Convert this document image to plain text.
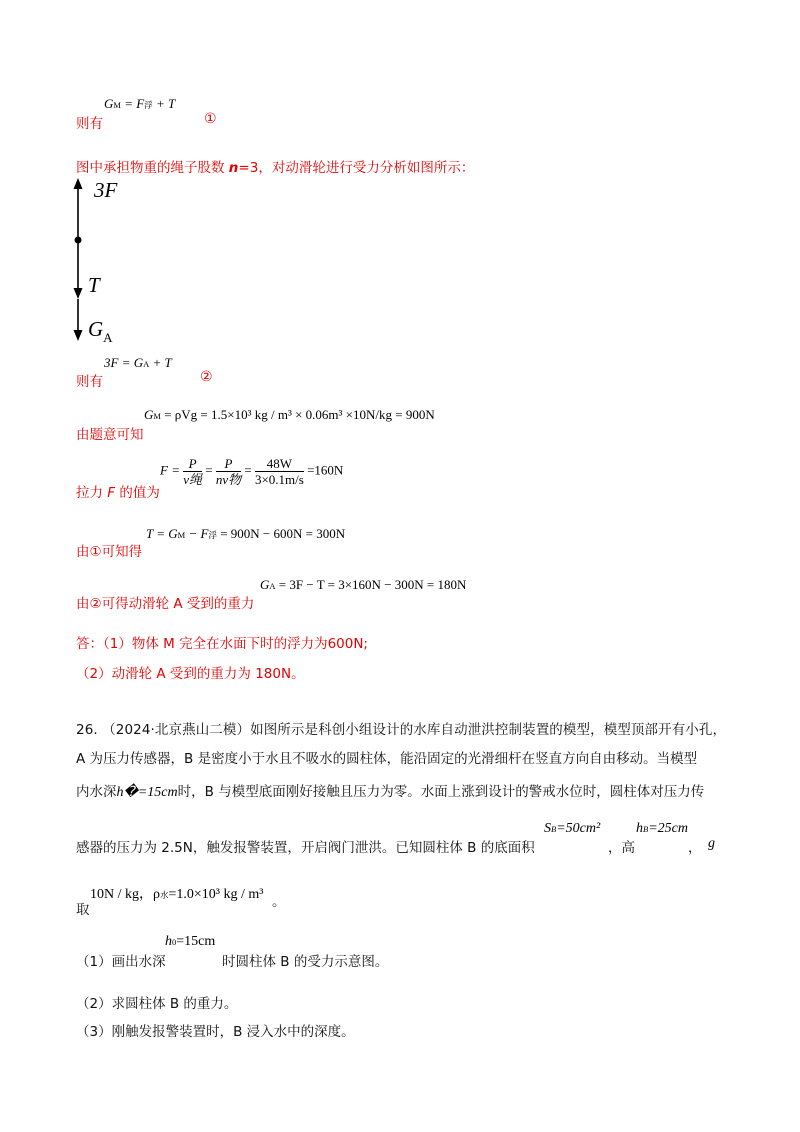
则有
GM = F浮 + T
①
图中承担物重的绳子股数 n=3，对动滑轮进行受力分析如图所示：
3F
T
$G_A$
则有
3F = GA + T
②
由题意可知
GM = ρVg = 1.5×10³ kg / m³ × 0.06m³ ×10N/kg = 900N
拉力 F 的值为
$F = \frac{P}{\text{v绳}} = \frac{P}{\text{nv物}} = \frac{48W}{3\times 0.1m/s} =160N$
由①可知得
T = GM − F浮 = 900N − 600N = 300N
由②可得动滑轮 A 受到的重力
GA = 3F − T = 3×160N − 300N = 180N
答：（1）物体 M 完全在水面下时的浮力为600N;
（2）动滑轮 A 受到的重力为 180N。
26. （2024·北京燕山二模）如图所示是科创小组设计的水库自动泄洪控制装置的模型，模型顶部开有小孔，
A 为压力传感器，B 是密度小于水且不吸水的圆柱体，能沿固定的光滑细杆在竖直方向自由移动。当模型
内水深h�=15cm时，B 与模型底面刚好接触且压力为零。水面上涨到设计的警戒水位时，圆柱体对压力传
感器的压力为 2.5N，触发报警装置，开启阀门泄洪。已知圆柱体 B 的底面积
SB=50cm²
，高
hB=25cm
， g
取
10N / kg，ρ水=1.0×10³ kg / m³ 。
（1）画出水深
h0=15cm
时圆柱体 B 的受力示意图。
（2）求圆柱体 B 的重力。
（3）刚触发报警装置时，B 浸入水中的深度。
